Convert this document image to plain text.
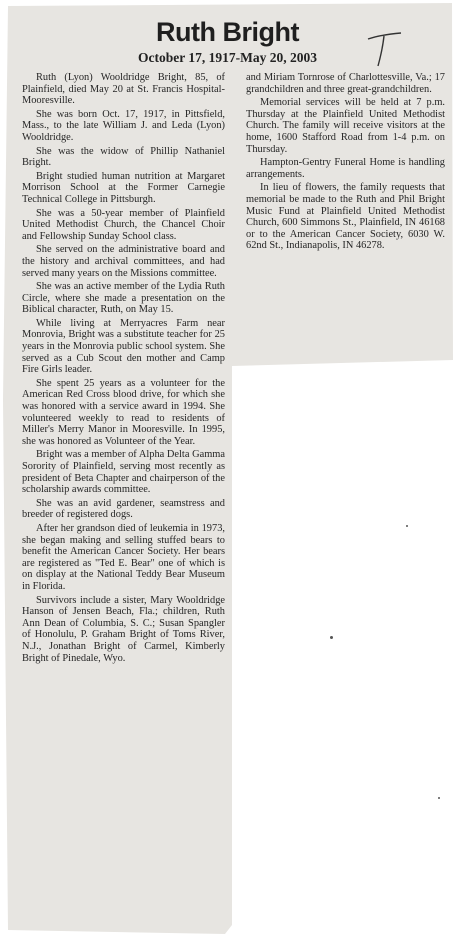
Ruth Bright
October 17, 1917-May 20, 2003

Ruth (Lyon) Wooldridge Bright, 85, of Plainfield, died May 20 at St. Francis Hospital-Mooresville.

She was born Oct. 17, 1917, in Pittsfield, Mass., to the late William J. and Leda (Lyon) Wooldridge.

She was the widow of Phillip Nathaniel Bright.

Bright studied human nutrition at Margaret Morrison School at the Former Carnegie Technical College in Pittsburgh.

She was a 50-year member of Plainfield United Methodist Church, the Chancel Choir and Fellowship Sunday School class.

She served on the administrative board and the history and archival committees, and had served many years on the Missions committee.

She was an active member of the Lydia Ruth Circle, where she made a presentation on the Biblical character, Ruth, on May 15.

While living at Merryacres Farm near Monrovia, Bright was a substitute teacher for 25 years in the Monrovia public school system. She served as a Cub Scout den mother and Camp Fire Girls leader.

She spent 25 years as a volunteer for the American Red Cross blood drive, for which she was honored with a service award in 1994. She volunteered weekly to read to residents of Miller's Merry Manor in Mooresville. In 1995, she was honored as Volunteer of the Year.

Bright was a member of Alpha Delta Gamma Sorority of Plainfield, serving most recently as president of Beta Chapter and chairperson of the scholarship awards committee.

She was an avid gardener, seamstress and breeder of registered dogs.

After her grandson died of leukemia in 1973, she began making and selling stuffed bears to benefit the American Cancer Society. Her bears are registered as "Ted E. Bear" one of which is on display at the National Teddy Bear Museum in Florida.

Survivors include a sister, Mary Wooldridge Hanson of Jensen Beach, Fla.; children, Ruth Ann Dean of Columbia, S. C.; Susan Spangler of Honolulu, P. Graham Bright of Toms River, N.J., Jonathan Bright of Carmel, Kimberly Bright of Pinedale, Wyo.

and Miriam Tornrose of Charlottesville, Va.; 17 grandchildren and three great-grandchildren.

Memorial services will be held at 7 p.m. Thursday at the Plainfield United Methodist Church. The family will receive visitors at the home, 1600 Stafford Road from 1-4 p.m. on Thursday.

Hampton-Gentry Funeral Home is handling arrangements.

In lieu of flowers, the family requests that memorial be made to the Ruth and Phil Bright Music Fund at Plainfield United Methodist Church, 600 Simmons St., Plainfield, IN 46168 or to the American Cancer Society, 6030 W. 62nd St., Indianapolis, IN 46278.
